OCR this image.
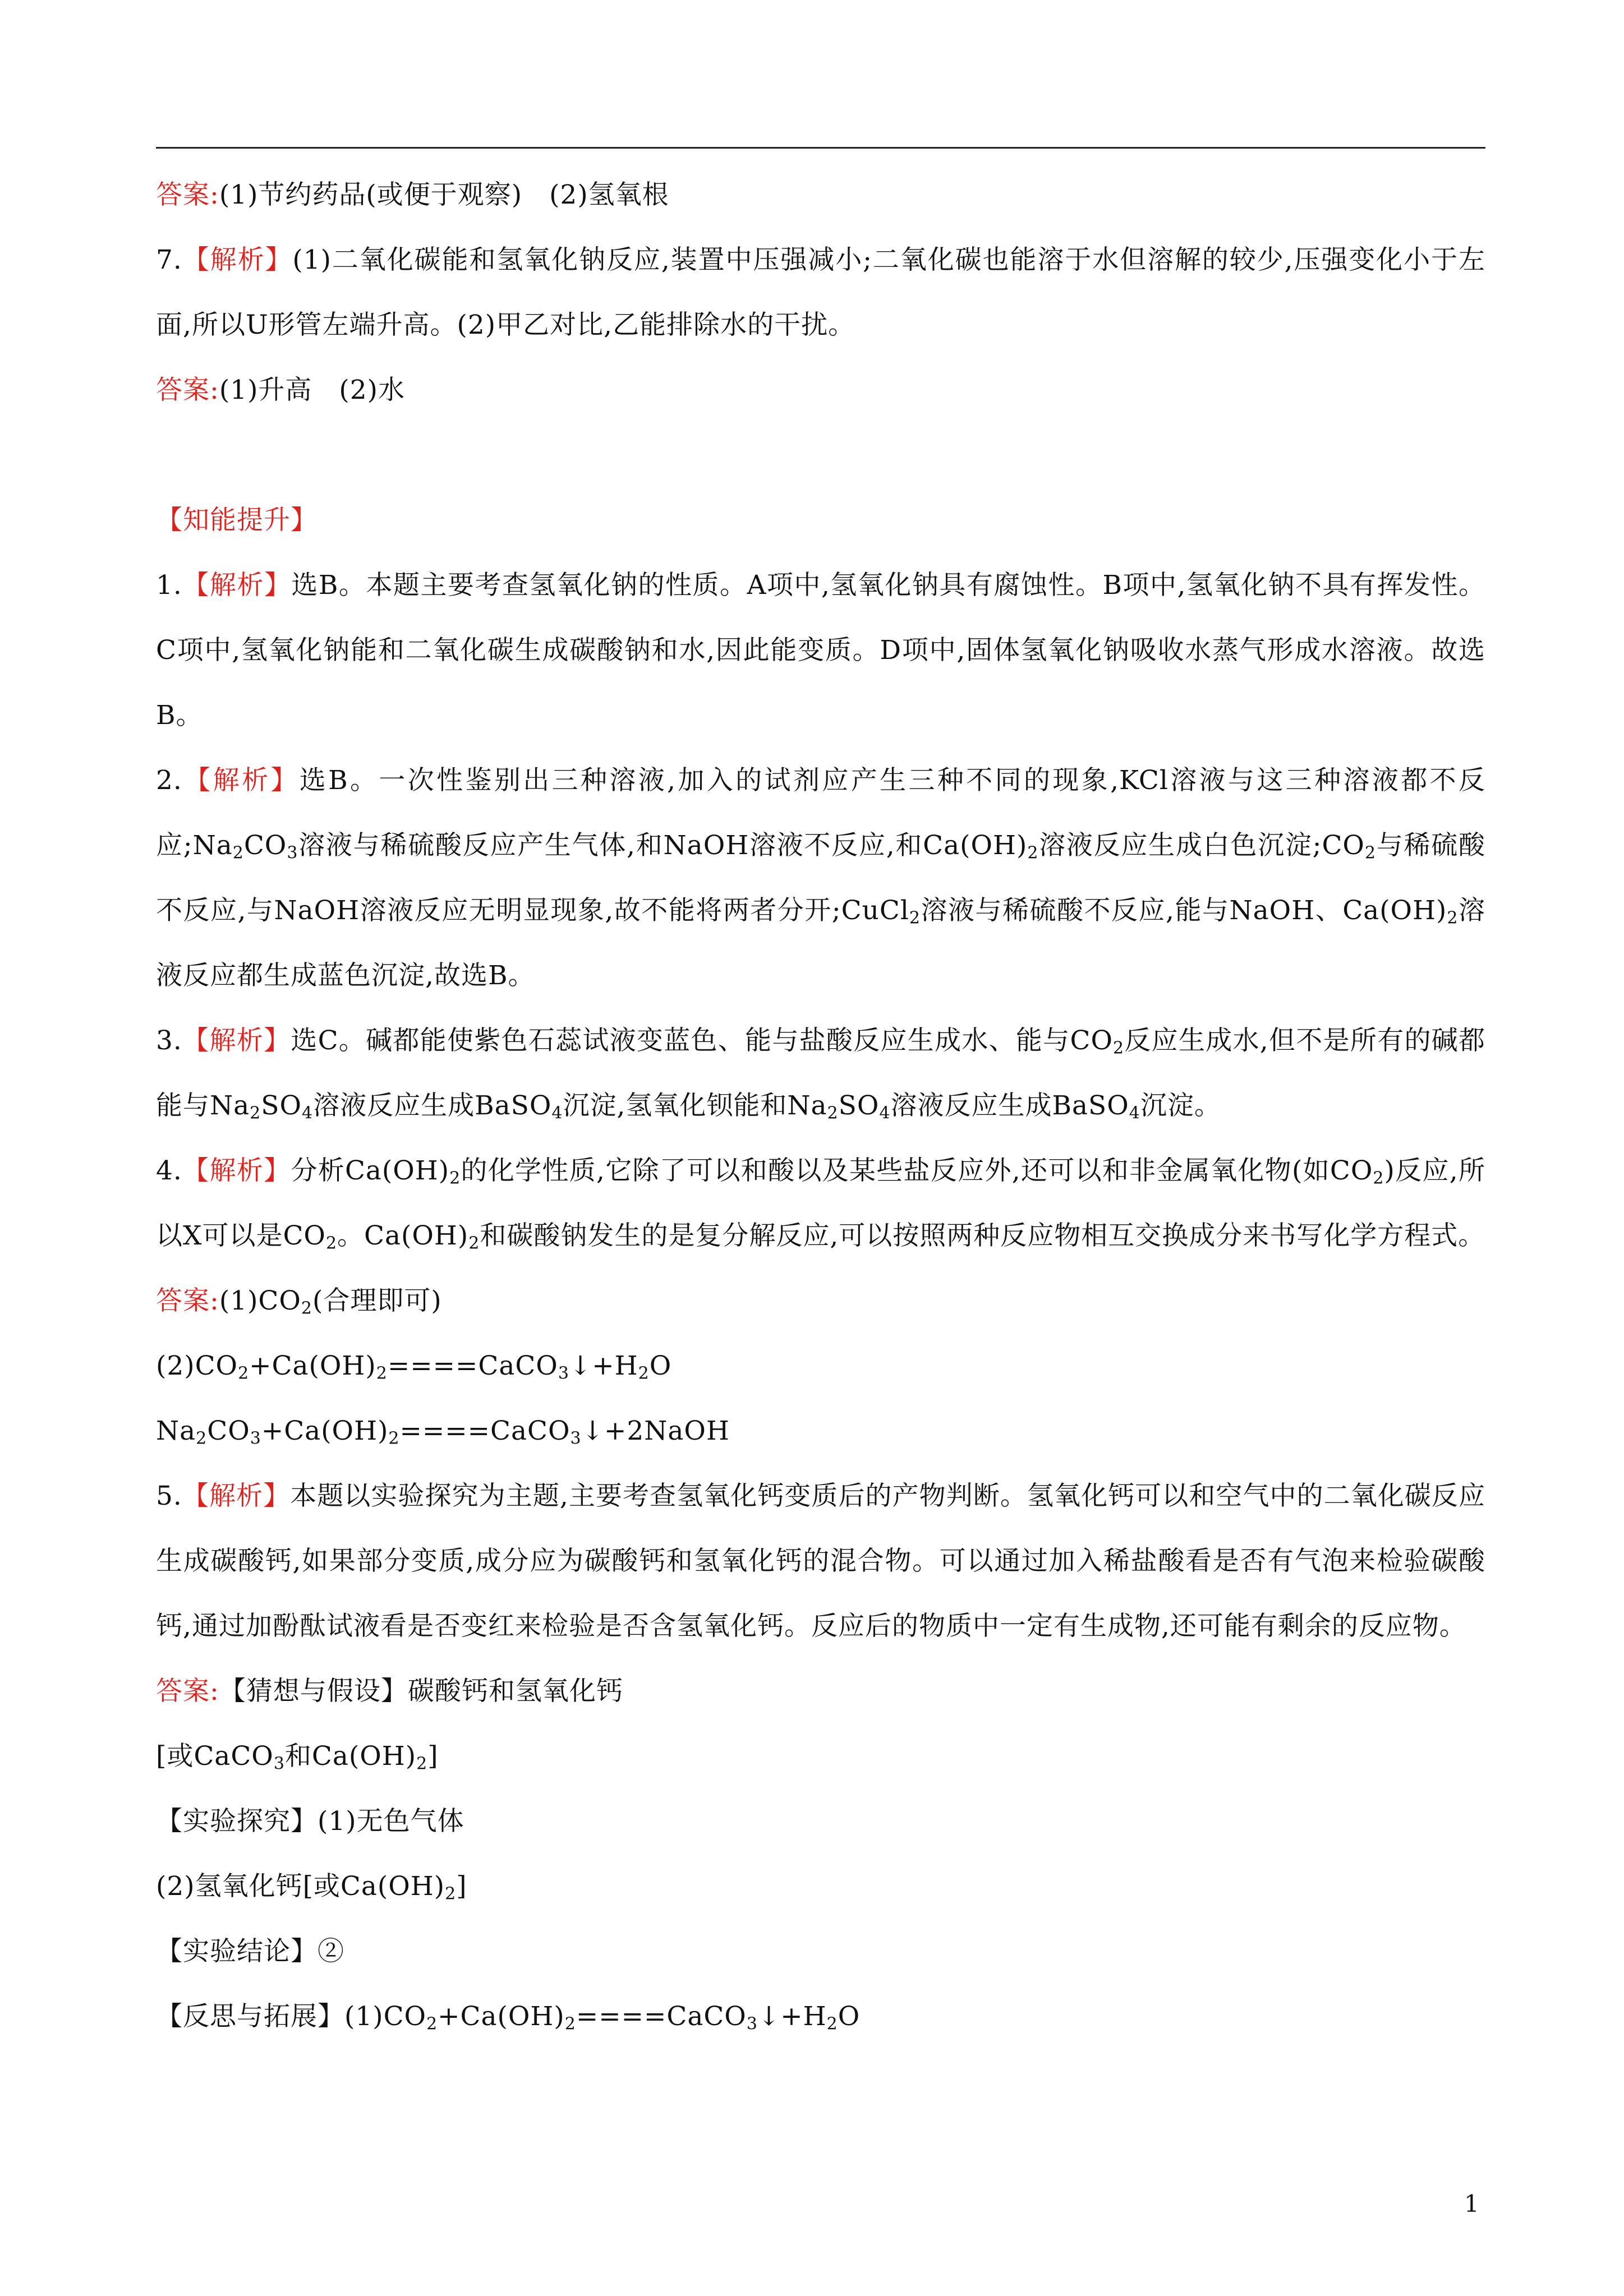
答案:(1)节约药品(或便于观察)　(2)氢氧根

7.【解析】(1)二氧化碳能和氢氧化钠反应,装置中压强减小;二氧化碳也能溶于水但溶解的较少,压强变化小于左面,所以U形管左端升高。(2)甲乙对比,乙能排除水的干扰。

答案:(1)升高　(2)水

【知能提升】

1.【解析】选B。本题主要考查氢氧化钠的性质。A项中,氢氧化钠具有腐蚀性。B项中,氢氧化钠不具有挥发性。C项中,氢氧化钠能和二氧化碳生成碳酸钠和水,因此能变质。D项中,固体氢氧化钠吸收水蒸气形成水溶液。故选B。

2.【解析】选B。一次性鉴别出三种溶液,加入的试剂应产生三种不同的现象,KCl溶液与这三种溶液都不反应$;Na_2CO_3$溶液与稀硫酸反应产生气体,和NaOH溶液不反应,和$Ca(OH)_2$溶液反应生成白色沉淀$;CO_2$与稀硫酸不反应,与NaOH溶液反应无明显现象,故不能将两者分开;CuCl$_2$溶液与稀硫酸不反应,能与NaOH、$Ca(OH)_2$溶液反应都生成蓝色沉淀,故选B。

3.【解析】选C。碱都能使紫色石蕊试液变蓝色、能与盐酸反应生成水、能与$CO_2$反应生成水,但不是所有的碱都能与$Na_2SO_4$溶液反应生成BaSO$_4$沉淀,氢氧化钡能和$Na_2SO_4$溶液反应生成BaSO$_4$沉淀。

4.【解析】分析$Ca(OH)_2$的化学性质,它除了可以和酸以及某些盐反应外,还可以和非金属氧化物(如$CO_2$)反应,所以X可以是$CO_2$。$Ca(OH)_2$和碳酸钠发生的是复分解反应,可以按照两种反应物相互交换成分来书写化学方程式。

答案$:(1)CO_2$(合理即可)

$(2)CO_2+Ca(OH)_2====CaCO_3↓+H_2O$

$Na_2CO_3+Ca(OH)_2====CaCO_3↓+2NaOH$

5.【解析】本题以实验探究为主题,主要考查氢氧化钙变质后的产物判断。氢氧化钙可以和空气中的二氧化碳反应生成碳酸钙,如果部分变质,成分应为碳酸钙和氢氧化钙的混合物。可以通过加入稀盐酸看是否有气泡来检验碳酸钙,通过加酚酞试液看是否变红来检验是否含氢氧化钙。反应后的物质中一定有生成物,还可能有剩余的反应物。

答案:【猜想与假设】碳酸钙和氢氧化钙

[或CaCO$_3$和$Ca(OH)_2$]

【实验探究】(1)无色气体

(2)氢氧化钙[或$Ca(OH)_2$]

【实验结论】②

【反思与拓展】$(1)CO_2+Ca(OH)_2====CaCO_3↓+H_2O$

1
